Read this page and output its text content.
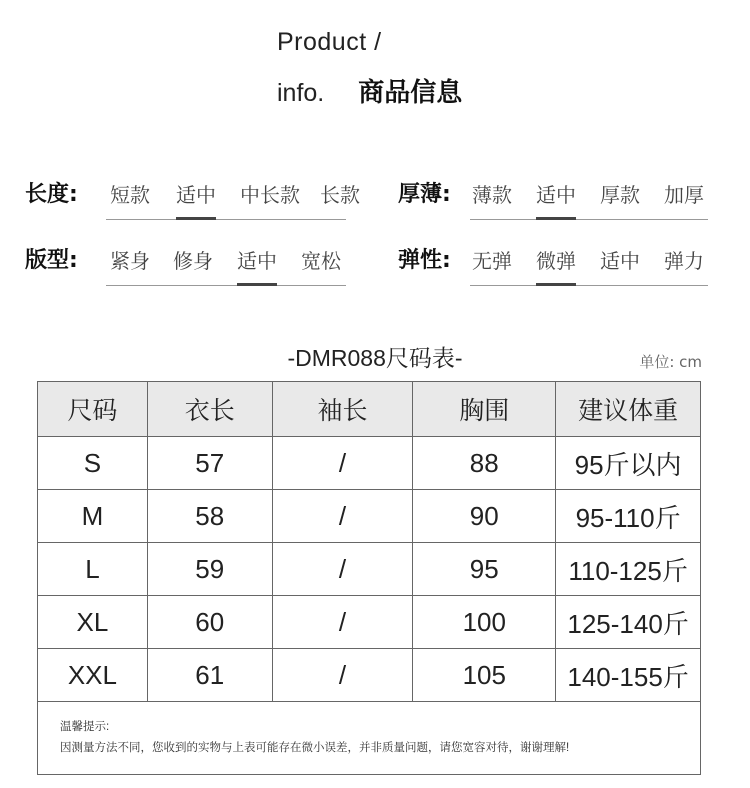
Product /
info. 商品信息
长度: 短款 适中 中长款 长款 厚薄: 薄款 适中 厚款 加厚
版型: 紧身 修身 适中 宽松	弹性: 无弹 微弹 适中 弹力
-DMR088尺码表-	单位: cm
尺码	衣长	袖长	胸围	建议体重
S	57	/	88	95斤以内
M	58	/	90	95-110斤
L	59	/	95	110-125斤
XL	60	/	100	125-140斤
XXL	61	/	105	140-155斤

温馨提示:
因测量方法不同，您收到的实物与上表可能存在微小误差，并非质量问题，请您宽容对待，谢谢理解!				
